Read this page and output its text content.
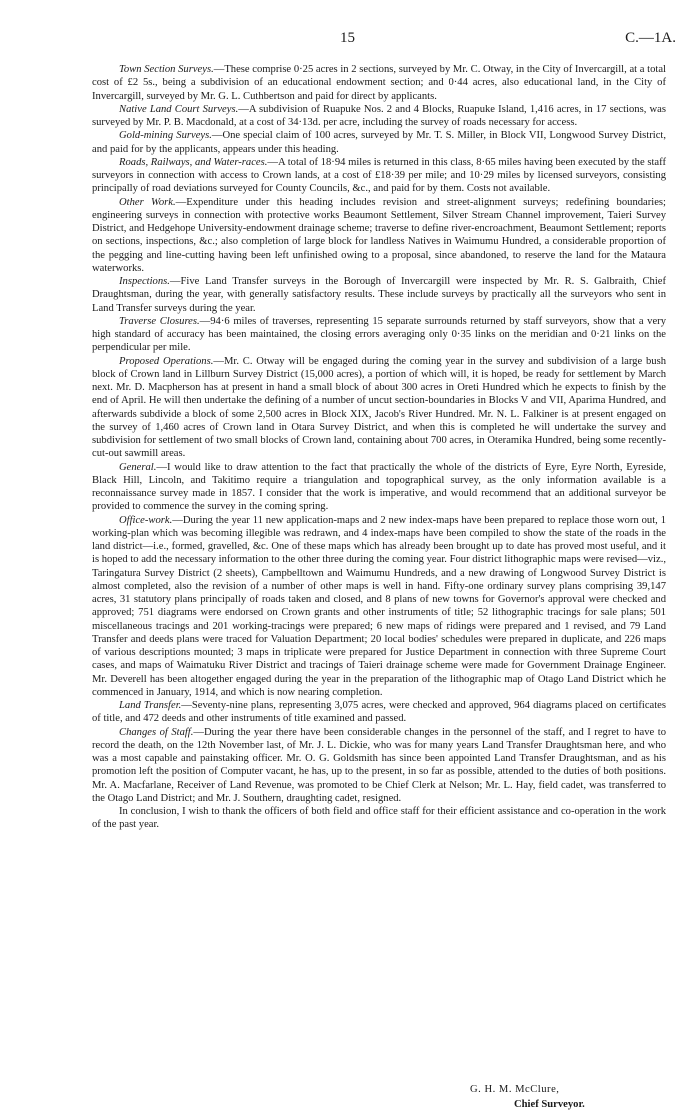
15	C.—1A.

Town Section Surveys.—These comprise 0·25 acres in 2 sections, surveyed by Mr. C. Otway, in the City of Invercargill, at a total cost of £2 5s., being a subdivision of an educational endowment section; and 0·44 acres, also educational land, in the City of Invercargill, surveyed by Mr. G. L. Cuthbertson and paid for direct by applicants.

Native Land Court Surveys.—A subdivision of Ruapuke Nos. 2 and 4 Blocks, Ruapuke Island, 1,416 acres, in 17 sections, was surveyed by Mr. P. B. Macdonald, at a cost of 34·13d. per acre, including the survey of roads necessary for access.

Gold-mining Surveys.—One special claim of 100 acres, surveyed by Mr. T. S. Miller, in Block VII, Longwood Survey District, and paid for by the applicants, appears under this heading.

Roads, Railways, and Water-races.—A total of 18·94 miles is returned in this class, 8·65 miles having been executed by the staff surveyors in connection with access to Crown lands, at a cost of £18·39 per mile; and 10·29 miles by licensed surveyors, consisting principally of road deviations surveyed for County Councils, &c., and paid for by them. Costs not available.

Other Work.—Expenditure under this heading includes revision and street-alignment surveys; redefining boundaries; engineering surveys in connection with protective works Beaumont Settlement, Silver Stream Channel improvement, Taieri Survey District, and Hedgehope University-endowment drainage scheme; traverse to define river-encroachment, Beaumont Settlement; reports on sections, inspections, &c.; also completion of large block for landless Natives in Waimumu Hundred, a considerable proportion of the pegging and line-cutting having been left unfinished owing to a proposal, since abandoned, to reserve the land for the Mataura waterworks.

Inspections.—Five Land Transfer surveys in the Borough of Invercargill were inspected by Mr. R. S. Galbraith, Chief Draughtsman, during the year, with generally satisfactory results. These include surveys by practically all the surveyors who sent in Land Transfer surveys during the year.

Traverse Closures.—94·6 miles of traverses, representing 15 separate surrounds returned by staff surveyors, show that a very high standard of accuracy has been maintained, the closing errors averaging only 0·35 links on the meridian and 0·21 links on the perpendicular per mile.

Proposed Operations.—Mr. C. Otway will be engaged during the coming year in the survey and subdivision of a large bush block of Crown land in Lillburn Survey District (15,000 acres), a portion of which will, it is hoped, be ready for settlement by March next. Mr. D. Macpherson has at present in hand a small block of about 300 acres in Oreti Hundred which he expects to finish by the end of April. He will then undertake the defining of a number of uncut section-boundaries in Blocks V and VII, Aparima Hundred, and afterwards subdivide a block of some 2,500 acres in Block XIX, Jacob's River Hundred. Mr. N. L. Falkiner is at present engaged on the survey of 1,460 acres of Crown land in Otara Survey District, and when this is completed he will undertake the survey and subdivision for settlement of two small blocks of Crown land, containing about 700 acres, in Oteramika Hundred, being some recently-cut-out sawmill areas.

General.—I would like to draw attention to the fact that practically the whole of the districts of Eyre, Eyre North, Eyreside, Black Hill, Lincoln, and Takitimo require a triangulation and topographical survey, as the only information available is a reconnaissance survey made in 1857. I consider that the work is imperative, and would recommend that an additional surveyor be provided to commence the survey in the coming spring.

Office-work.—During the year 11 new application-maps and 2 new index-maps have been prepared to replace those worn out, 1 working-plan which was becoming illegible was redrawn, and 4 index-maps have been compiled to show the state of the roads in the land district—i.e., formed, gravelled, &c. One of these maps which has already been brought up to date has proved most useful, and it is hoped to add the necessary information to the other three during the coming year. Four district lithographic maps were revised—viz., Taringatura Survey District (2 sheets), Campbelltown and Waimumu Hundreds, and a new drawing of Longwood Survey District is almost completed, also the revision of a number of other maps is well in hand. Fifty-one ordinary survey plans comprising 39,147 acres, 31 statutory plans principally of roads taken and closed, and 8 plans of new towns for Governor's approval were checked and approved; 751 diagrams were endorsed on Crown grants and other instruments of title; 52 lithographic tracings for sale plans; 501 miscellaneous tracings and 201 working-tracings were prepared; 6 new maps of ridings were prepared and 1 revised, and 79 Land Transfer and deeds plans were traced for Valuation Department; 20 local bodies' schedules were prepared in duplicate, and 226 maps of various descriptions mounted; 3 maps in triplicate were prepared for Justice Department in connection with three Supreme Court cases, and maps of Waimatuku River District and tracings of Taieri drainage scheme were made for Government Drainage Engineer. Mr. Deverell has been altogether engaged during the year in the preparation of the lithographic map of Otago Land District which he commenced in January, 1914, and which is now nearing completion.

Land Transfer.—Seventy-nine plans, representing 3,075 acres, were checked and approved, 964 diagrams placed on certificates of title, and 472 deeds and other instruments of title examined and passed.

Changes of Staff.—During the year there have been considerable changes in the personnel of the staff, and I regret to have to record the death, on the 12th November last, of Mr. J. L. Dickie, who was for many years Land Transfer Draughtsman here, and who was a most capable and painstaking officer. Mr. O. G. Goldsmith has since been appointed Land Transfer Draughtsman, and as his promotion left the position of Computer vacant, he has, up to the present, in so far as possible, attended to the duties of both positions. Mr. A. Macfarlane, Receiver of Land Revenue, was promoted to be Chief Clerk at Nelson; Mr. L. Hay, field cadet, was transferred to the Otago Land District; and Mr. J. Southern, draughting cadet, resigned.

In conclusion, I wish to thank the officers of both field and office staff for their efficient assistance and co-operation in the work of the past year.

G. H. M. McClure,
Chief Surveyor.
